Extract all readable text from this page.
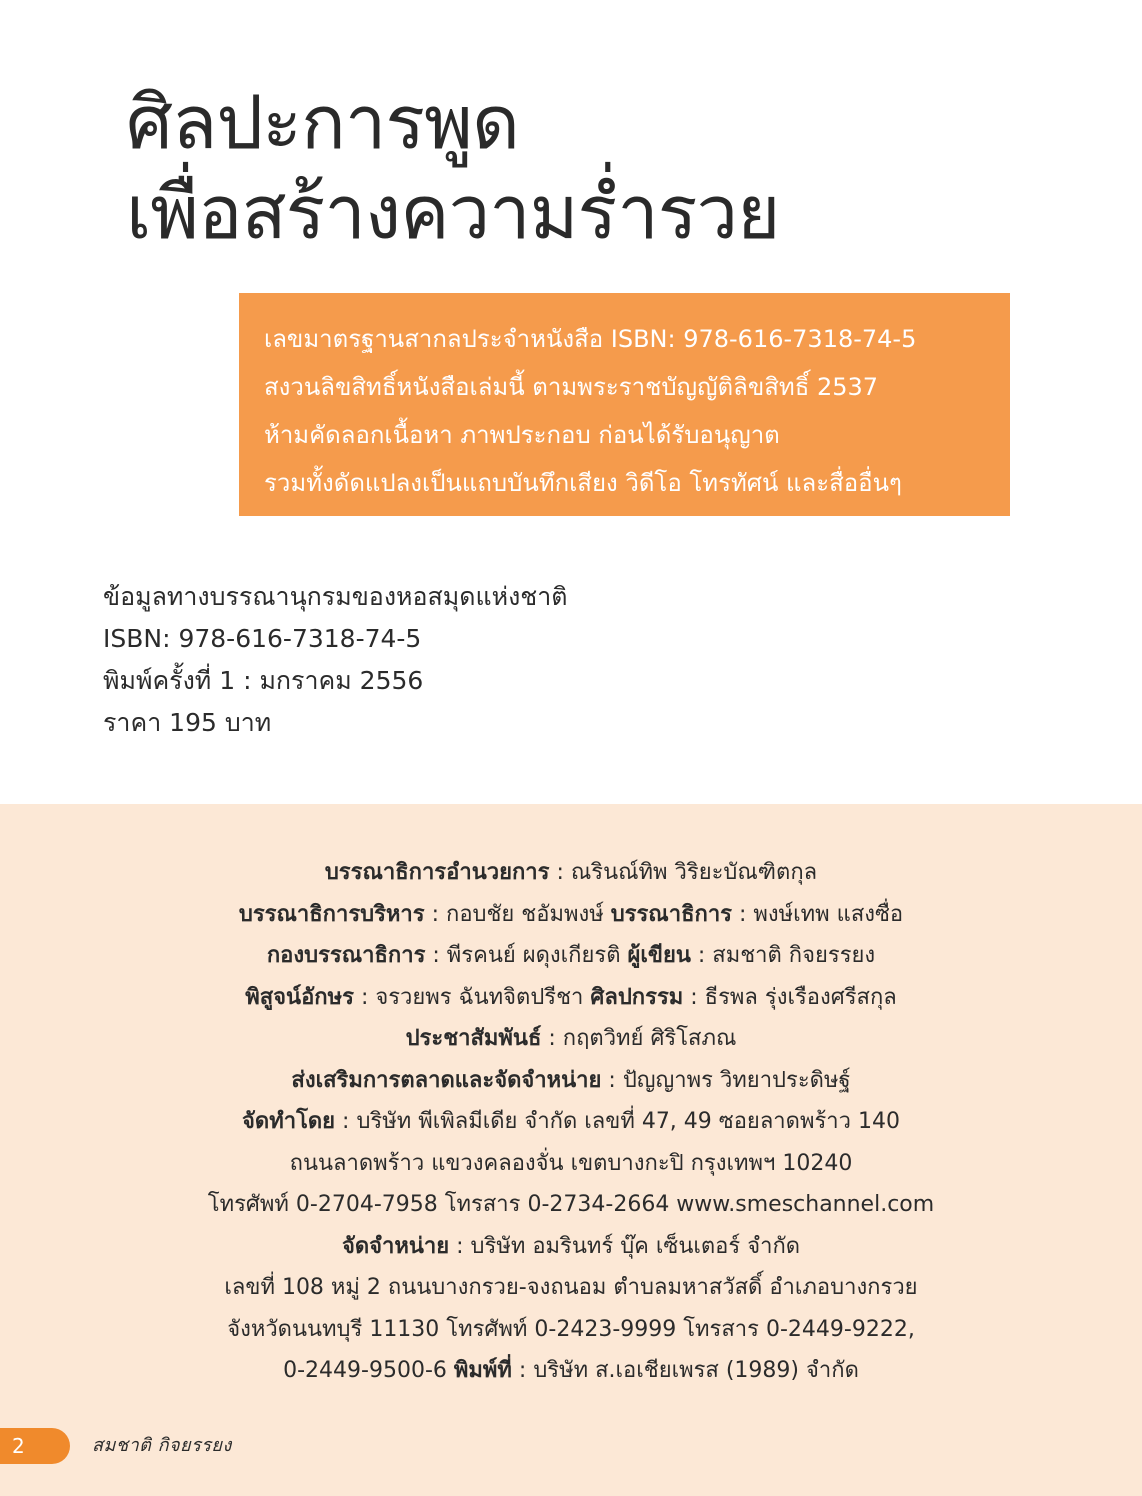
ศิลปะการพูด
เพื่อสร้างความร่ำรวย
เลขมาตรฐานสากลประจำหนังสือ ISBN: 978-616-7318-74-5
สงวนลิขสิทธิ์หนังสือเล่มนี้ ตามพระราชบัญญัติลิขสิทธิ์ 2537
ห้ามคัดลอกเนื้อหา ภาพประกอบ ก่อนได้รับอนุญาต
รวมทั้งดัดแปลงเป็นแถบบันทึกเสียง วิดีโอ โทรทัศน์ และสื่ออื่นๆ
ข้อมูลทางบรรณานุกรมของหอสมุดแห่งชาติ
ISBN: 978-616-7318-74-5
พิมพ์ครั้งที่ 1 : มกราคม 2556
ราคา 195 บาท
บรรณาธิการอำนวยการ : ณรินณ์ทิพ วิริยะบัณฑิตกุล
บรรณาธิการบริหาร : กอบชัย ชอัมพงษ์ บรรณาธิการ : พงษ์เทพ แสงซื่อ
กองบรรณาธิการ : พีรคนย์ ผดุงเกียรติ ผู้เขียน : สมชาติ กิจยรรยง
พิสูจน์อักษร : จรวยพร ฉันทจิตปรีชา ศิลปกรรม : ธีรพล รุ่งเรืองศรีสกุล
ประชาสัมพันธ์ : กฤตวิทย์ ศิริโสภณ
ส่งเสริมการตลาดและจัดจำหน่าย : ปัญญาพร วิทยาประดิษฐ์
จัดทำโดย : บริษัท พีเพิลมีเดีย จำกัด เลขที่ 47, 49 ซอยลาดพร้าว 140
ถนนลาดพร้าว แขวงคลองจั่น เขตบางกะปิ กรุงเทพฯ 10240
โทรศัพท์ 0-2704-7958 โทรสาร 0-2734-2664 www.smeschannel.com
จัดจำหน่าย : บริษัท อมรินทร์ บุ๊ค เซ็นเตอร์ จำกัด
เลขที่ 108 หมู่ 2 ถนนบางกรวย-จงถนอม ตำบลมหาสวัสดิ์ อำเภอบางกรวย
จังหวัดนนทบุรี 11130 โทรศัพท์ 0-2423-9999 โทรสาร 0-2449-9222,
0-2449-9500-6 พิมพ์ที่ : บริษัท ส.เอเชียเพรส (1989) จำกัด
2	สมชาติ กิจยรรยง
